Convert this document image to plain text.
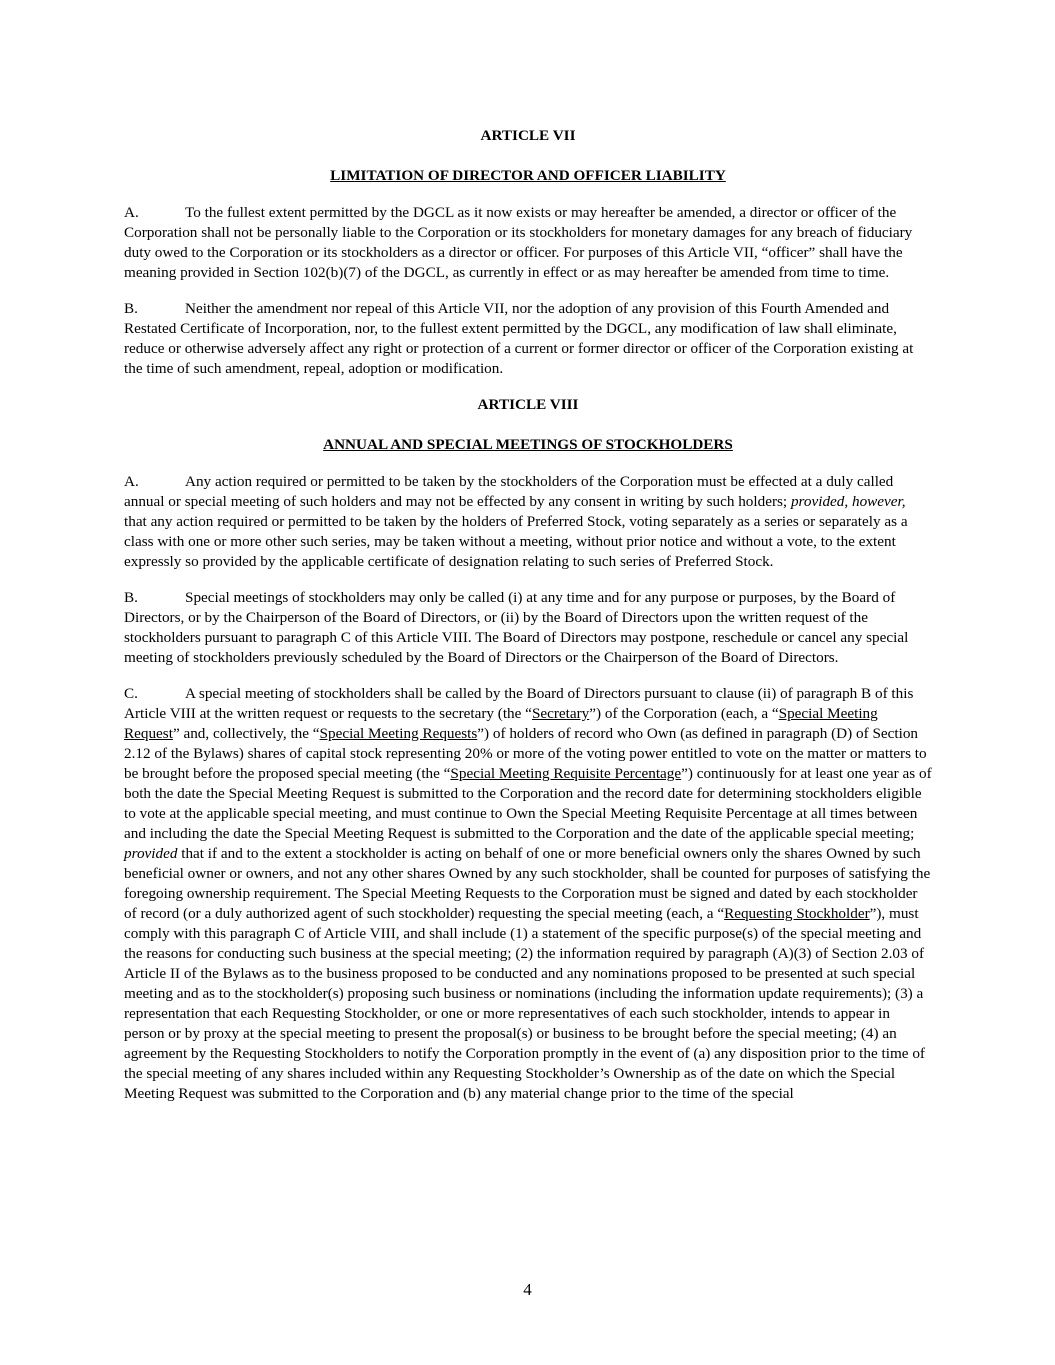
ARTICLE VII

LIMITATION OF DIRECTOR AND OFFICER LIABILITY

A.	To the fullest extent permitted by the DGCL as it now exists or may hereafter be amended, a director or officer of the Corporation shall not be personally liable to the Corporation or its stockholders for monetary damages for any breach of fiduciary duty owed to the Corporation or its stockholders as a director or officer. For purposes of this Article VII, “officer” shall have the meaning provided in Section 102(b)(7) of the DGCL, as currently in effect or as may hereafter be amended from time to time.

B.	Neither the amendment nor repeal of this Article VII, nor the adoption of any provision of this Fourth Amended and Restated Certificate of Incorporation, nor, to the fullest extent permitted by the DGCL, any modification of law shall eliminate, reduce or otherwise adversely affect any right or protection of a current or former director or officer of the Corporation existing at the time of such amendment, repeal, adoption or modification.

ARTICLE VIII

ANNUAL AND SPECIAL MEETINGS OF STOCKHOLDERS

A.	Any action required or permitted to be taken by the stockholders of the Corporation must be effected at a duly called annual or special meeting of such holders and may not be effected by any consent in writing by such holders; provided, however, that any action required or permitted to be taken by the holders of Preferred Stock, voting separately as a series or separately as a class with one or more other such series, may be taken without a meeting, without prior notice and without a vote, to the extent expressly so provided by the applicable certificate of designation relating to such series of Preferred Stock.

B.	Special meetings of stockholders may only be called (i) at any time and for any purpose or purposes, by the Board of Directors, or by the Chairperson of the Board of Directors, or (ii) by the Board of Directors upon the written request of the stockholders pursuant to paragraph C of this Article VIII. The Board of Directors may postpone, reschedule or cancel any special meeting of stockholders previously scheduled by the Board of Directors or the Chairperson of the Board of Directors.

C.	A special meeting of stockholders shall be called by the Board of Directors pursuant to clause (ii) of paragraph B of this Article VIII at the written request or requests to the secretary (the “Secretary”) of the Corporation (each, a “Special Meeting Request” and, collectively, the “Special Meeting Requests”) of holders of record who Own (as defined in paragraph (D) of Section 2.12 of the Bylaws) shares of capital stock representing 20% or more of the voting power entitled to vote on the matter or matters to be brought before the proposed special meeting (the “Special Meeting Requisite Percentage”) continuously for at least one year as of both the date the Special Meeting Request is submitted to the Corporation and the record date for determining stockholders eligible to vote at the applicable special meeting, and must continue to Own the Special Meeting Requisite Percentage at all times between and including the date the Special Meeting Request is submitted to the Corporation and the date of the applicable special meeting; provided that if and to the extent a stockholder is acting on behalf of one or more beneficial owners only the shares Owned by such beneficial owner or owners, and not any other shares Owned by any such stockholder, shall be counted for purposes of satisfying the foregoing ownership requirement. The Special Meeting Requests to the Corporation must be signed and dated by each stockholder of record (or a duly authorized agent of such stockholder) requesting the special meeting (each, a “Requesting Stockholder”), must comply with this paragraph C of Article VIII, and shall include (1) a statement of the specific purpose(s) of the special meeting and the reasons for conducting such business at the special meeting; (2) the information required by paragraph (A)(3) of Section 2.03 of Article II of the Bylaws as to the business proposed to be conducted and any nominations proposed to be presented at such special meeting and as to the stockholder(s) proposing such business or nominations (including the information update requirements); (3) a representation that each Requesting Stockholder, or one or more representatives of each such stockholder, intends to appear in person or by proxy at the special meeting to present the proposal(s) or business to be brought before the special meeting; (4) an agreement by the Requesting Stockholders to notify the Corporation promptly in the event of (a) any disposition prior to the time of the special meeting of any shares included within any Requesting Stockholder’s Ownership as of the date on which the Special Meeting Request was submitted to the Corporation and (b) any material change prior to the time of the special

4
